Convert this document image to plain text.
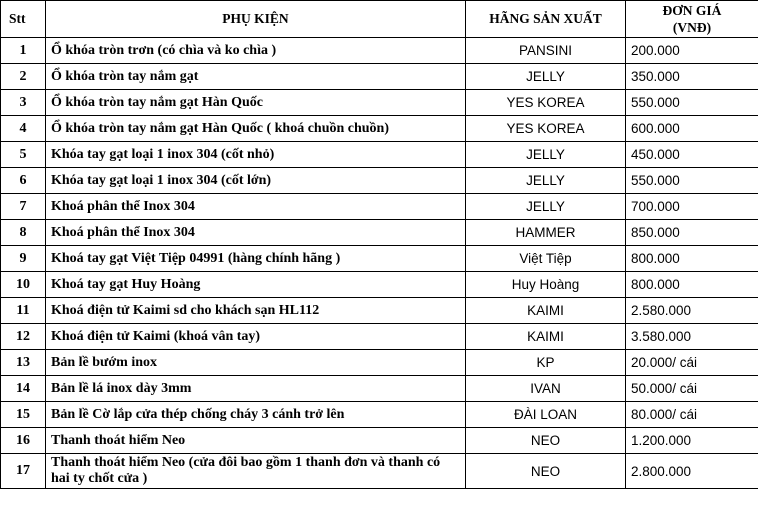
Stt	PHỤ KIỆN	HÃNG SẢN XUẤT	ĐƠN GIÁ
(VNĐ)

1	Ổ khóa tròn trơn (có chìa và ko chìa )	PANSINI	200.000
2	Ổ khóa tròn tay nắm gạt	JELLY	350.000
3	Ổ khóa tròn tay nắm gạt Hàn Quốc	YES KOREA	550.000
4	Ổ khóa tròn tay nắm gạt Hàn Quốc ( khoá chuồn chuồn)	YES KOREA	600.000
5	Khóa tay gạt loại 1 inox 304 (cốt nhỏ)	JELLY	450.000
6	Khóa tay gạt loại 1 inox 304 (cốt lớn)	JELLY	550.000
7	Khoá phân thể Inox 304	JELLY	700.000
8	Khoá phân thể Inox 304	HAMMER	850.000
9	Khoá tay gạt Việt Tiệp 04991 (hàng chính hãng )	Việt Tiệp	800.000
10	Khoá tay gạt Huy Hoàng	Huy Hoàng	800.000
11	Khoá điện tử Kaimi sd cho khách sạn HL112	KAIMI	2.580.000
12	Khoá điện tử Kaimi (khoá vân tay)	KAIMI	3.580.000
13	Bản lề bướm inox	KP	20.000/ cái
14	Bản lề lá inox dày 3mm	IVAN	50.000/ cái
15	Bản lề Cờ lắp cửa thép chống cháy 3 cánh trở lên	ĐÀI LOAN	80.000/ cái
16	Thanh thoát hiểm Neo	NEO	1.200.000
17	Thanh thoát hiểm Neo (cửa đôi bao gồm 1 thanh đơn và thanh có hai ty chốt cửa )	NEO	2.800.000
